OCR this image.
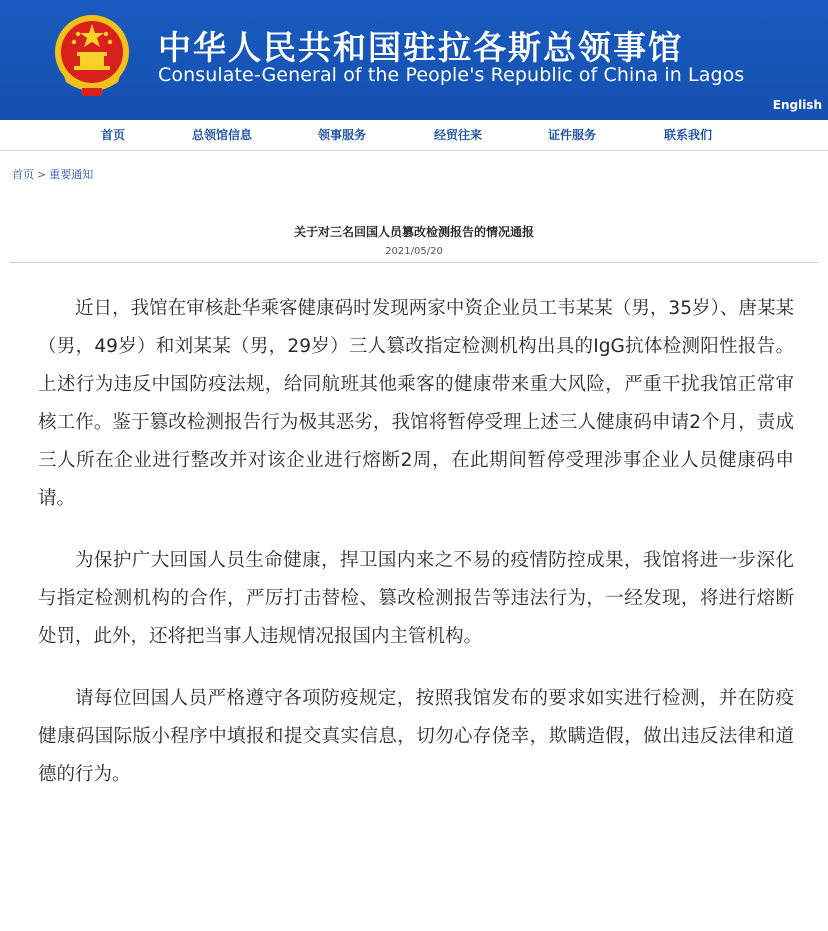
中华人民共和国驻拉各斯总领事馆
Consulate-General of the People's Republic of China in Lagos
English
首页	总领馆信息	领事服务	经贸往来	证件服务	联系我们
首页 > 重要通知
关于对三名回国人员篡改检测报告的情况通报
2021/05/20

近日，我馆在审核赴华乘客健康码时发现两家中资企业员工韦某某（男，35岁）、唐某某（男，49岁）和刘某某（男，29岁）三人篡改指定检测机构出具的IgG抗体检测阳性报告。上述行为违反中国防疫法规，给同航班其他乘客的健康带来重大风险，严重干扰我馆正常审核工作。鉴于篡改检测报告行为极其恶劣，我馆将暂停受理上述三人健康码申请2个月，责成三人所在企业进行整改并对该企业进行熔断2周，在此期间暂停受理涉事企业人员健康码申请。

为保护广大回国人员生命健康，捍卫国内来之不易的疫情防控成果，我馆将进一步深化与指定检测机构的合作，严厉打击替检、篡改检测报告等违法行为，一经发现，将进行熔断处罚，此外，还将把当事人违规情况报国内主管机构。

请每位回国人员严格遵守各项防疫规定，按照我馆发布的要求如实进行检测，并在防疫健康码国际版小程序中填报和提交真实信息，切勿心存侥幸，欺瞒造假，做出违反法律和道德的行为。
